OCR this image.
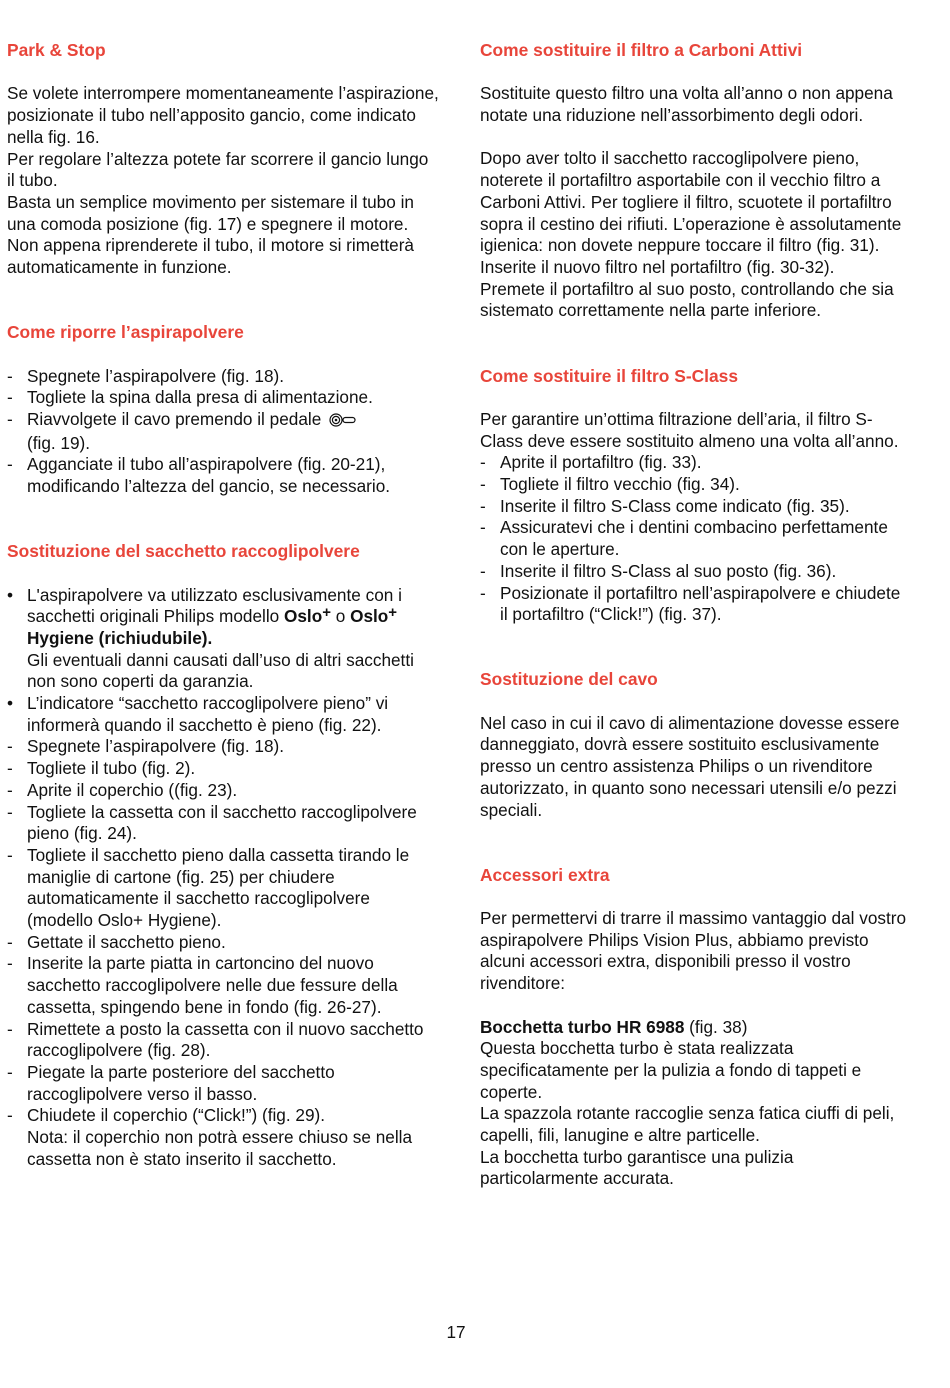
Park & Stop

Se volete interrompere momentaneamente l’aspirazione, posizionate il tubo nell’apposito gancio, come indicato nella fig. 16.

Per regolare l’altezza potete far scorrere il gancio lungo il tubo.

Basta un semplice movimento per sistemare il tubo in una comoda posizione (fig. 17) e spegnere il motore.

Non appena riprenderete il tubo, il motore si rimetterà automaticamente in funzione.

Come riporre l’aspirapolvere
- Spegnete l’aspirapolvere (fig. 18).
- Togliete la spina dalla presa di alimentazione.
- Riavvolgete il cavo premendo il pedale
(fig. 19).
- Agganciate il tubo all’aspirapolvere (fig. 20-21), modificando l’altezza del gancio, se necessario.
Sostituzione del sacchetto raccoglipolvere
• L'aspirapolvere va utilizzato esclusivamente con i sacchetti originali Philips modello Oslo+ o Oslo+ Hygiene (richiudubile).
Gli eventuali danni causati dall’uso di altri sacchetti non sono coperti da garanzia.
• L’indicatore “sacchetto raccoglipolvere pieno” vi informerà quando il sacchetto è pieno (fig. 22).
- Spegnete l’aspirapolvere (fig. 18).
- Togliete il tubo (fig. 2).
- Aprite il coperchio ((fig. 23).
- Togliete la cassetta con il sacchetto raccoglipolvere pieno (fig. 24).
- Togliete il sacchetto pieno dalla cassetta tirando le maniglie di cartone (fig. 25) per chiudere automaticamente il sacchetto raccoglipolvere (modello Oslo+ Hygiene).
- Gettate il sacchetto pieno.
- Inserite la parte piatta in cartoncino del nuovo sacchetto raccoglipolvere nelle due fessure della cassetta, spingendo bene in fondo (fig. 26-27).
- Rimettete a posto la cassetta con il nuovo sacchetto raccoglipolvere (fig. 28).
- Piegate la parte posteriore del sacchetto raccoglipolvere verso il basso.
- Chiudete il coperchio (“Click!”) (fig. 29).
Nota: il coperchio non potrà essere chiuso se nella cassetta non è stato inserito il sacchetto.
Come sostituire il filtro a Carboni Attivi

Sostituite questo filtro una volta all’anno o non appena notate una riduzione nell’assorbimento degli odori.

Dopo aver tolto il sacchetto raccoglipolvere pieno, noterete il portafiltro asportabile con il vecchio filtro a Carboni Attivi. Per togliere il filtro, scuotete il portafiltro sopra il cestino dei rifiuti. L’operazione è assolutamente igienica: non dovete neppure toccare il filtro (fig. 31).

Inserite il nuovo filtro nel portafiltro (fig. 30-32).

Premete il portafiltro al suo posto, controllando che sia sistemato correttamente nella parte inferiore.

Come sostituire il filtro S-Class

Per garantire un’ottima filtrazione dell’aria, il filtro S-Class deve essere sostituito almeno una volta all’anno.

- Aprite il portafiltro (fig. 33).
- Togliete il filtro vecchio (fig. 34).
- Inserite il filtro S-Class come indicato (fig. 35).
- Assicuratevi che i dentini combacino perfettamente con le aperture.
- Inserite il filtro S-Class al suo posto (fig. 36).
- Posizionate il portafiltro nell’aspirapolvere e chiudete il portafiltro (“Click!”) (fig. 37).
Sostituzione del cavo

Nel caso in cui il cavo di alimentazione dovesse essere danneggiato, dovrà essere sostituito esclusivamente presso un centro assistenza Philips o un rivenditore autorizzato, in quanto sono necessari utensili e/o pezzi speciali.

Accessori extra

Per permettervi di trarre il massimo vantaggio dal vostro aspirapolvere Philips Vision Plus, abbiamo previsto alcuni accessori extra, disponibili presso il vostro rivenditore:

Bocchetta turbo HR 6988 (fig. 38)

Questa bocchetta turbo è stata realizzata specificatamente per la pulizia a fondo di tappeti e coperte.

La spazzola rotante raccoglie senza fatica ciuffi di peli, capelli, fili, lanugine e altre particelle.

La bocchetta turbo garantisce una pulizia particolarmente accurata.

17
